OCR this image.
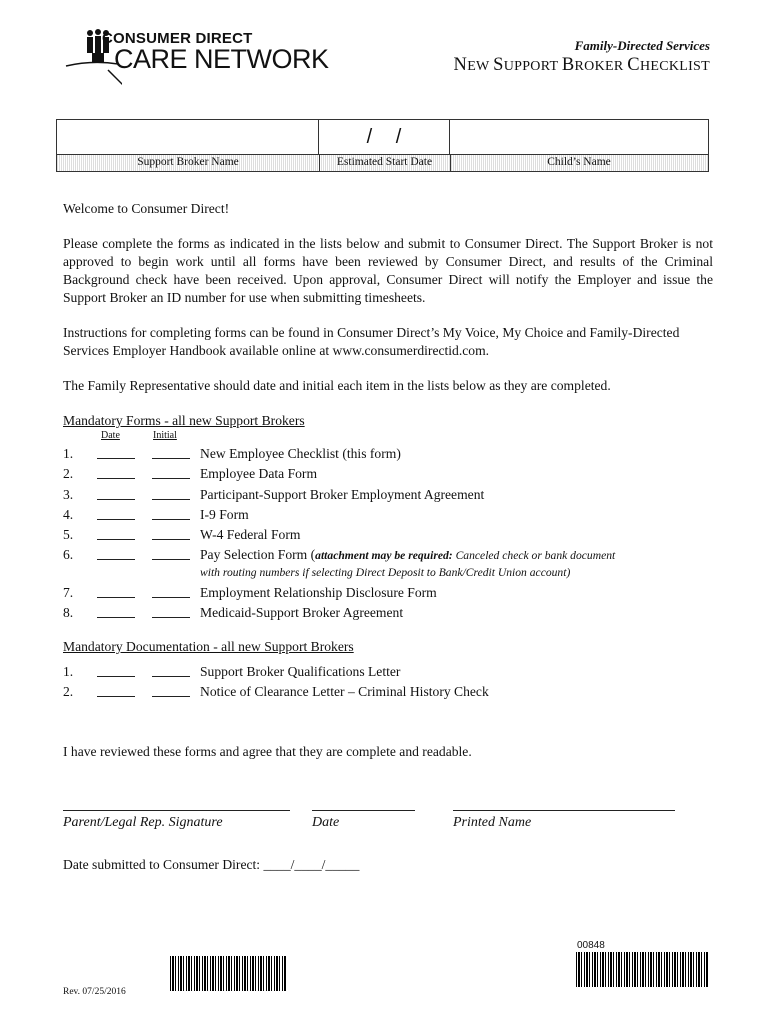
CONSUMER DIRECT
CARE NETWORK	Family-Directed Services
NEW SUPPORT BROKER CHECKLIST
/ /
Support Broker Name	Estimated Start Date	Child’s Name
Welcome to Consumer Direct!
Please complete the forms as indicated in the lists below and submit to Consumer Direct. The Support Broker is not approved to begin work until all forms have been reviewed by Consumer Direct, and results of the Criminal Background check have been received. Upon approval, Consumer Direct will notify the Employer and issue the Support Broker an ID number for use when submitting timesheets.
Instructions for completing forms can be found in Consumer Direct’s My Voice, My Choice and Family-Directed Services Employer Handbook available online at www.consumerdirectid.com.
The Family Representative should date and initial each item in the lists below as they are completed.
Mandatory Forms - all new Support Brokers
Date	Initial
1.	New Employee Checklist (this form)
2.	Employee Data Form
3.	Participant-Support Broker Employment Agreement
4.	I-9 Form
5.	W-4 Federal Form
6.	Pay Selection Form (attachment may be required: Canceled check or bank document
with routing numbers if selecting Direct Deposit to Bank/Credit Union account)
7.	Employment Relationship Disclosure Form
8.	Medicaid-Support Broker Agreement
Mandatory Documentation - all new Support Brokers
1.	Support Broker Qualifications Letter
2.	Notice of Clearance Letter – Criminal History Check
I have reviewed these forms and agree that they are complete and readable.
Parent/Legal Rep. Signature	Date	Printed Name
Date submitted to Consumer Direct: ____/____/_____
00848
Rev. 07/25/2016
